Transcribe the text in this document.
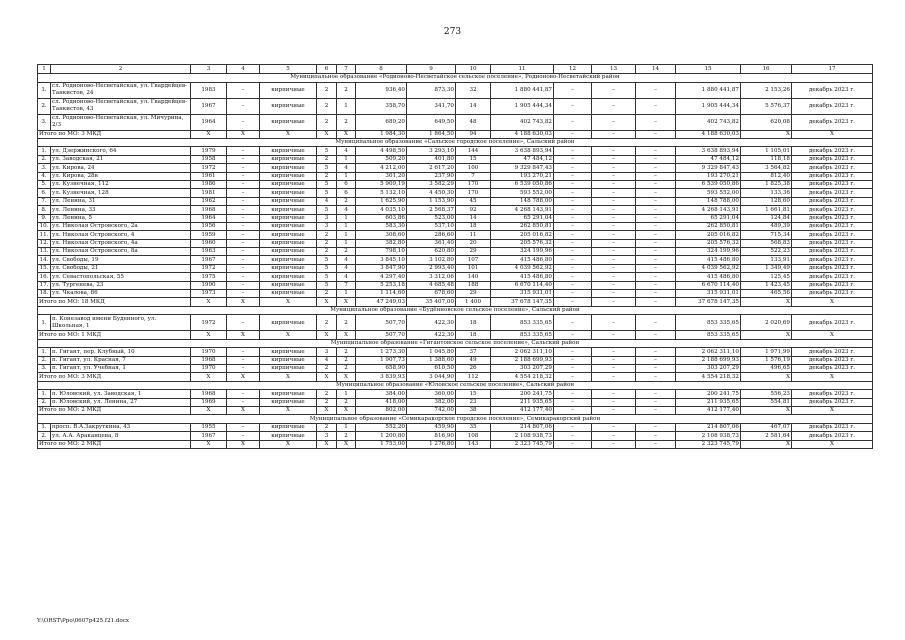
273
1	2	3	4	5	6	7	8	9	10	11	12	13	14	15	16	17
Муниципальное образование «Родионово-Несветайское сельское поселение», Родионово-Несветайский район																
1.	сл. Родионово-Несветайская, ул. Гвардейцев-Танкистов, 24	1983	–	кирпичные	2	2	936,40	873,30	32	1 880 441,87	–	–	–	1 880 441,87	2 153,26	декабрь 2023 г.
2.	сл. Родионово-Несветайская, ул. Гвардейцев-Танкистов, 43	1967	–	кирпичные	2	1	358,70	341,70	14	1 905 444,34	–	–	–	1 905 444,34	5 576,37	декабрь 2023 г.
3.	сл. Родионово-Несветайская, ул. Мичурина, 2/3	1964	–	кирпичные	2	2	689,20	649,50	48	402 743,82	–	–	–	402 743,82	620,08	декабрь 2023 г.
Итого по МО: 3 МКД		X	X	X	X	X	1 984,30	1 864,50	94	4 188 630,03	–	–	–	4 188 630,03	X	X
Муниципальное образование «Сальское городское поселение», Сальский район																
1.	ул. Дзержинского, 64	1979	–	кирпичные	5	4	4 498,50	3 293,10	144	3 638 893,94	–	–	–	3 638 893,94	1 105,01	декабрь 2023 г.
2.	ул. Заводская, 21	1958	–	кирпичные	2	1	509,20	401,80	15	47 484,12	–	–	–	47 484,12	118,18	декабрь 2023 г.
3.	ул. Кирова, 24	1972	–	кирпичные	5	4	4 212,00	2 617,20	100	9 329 847,43	–	–	–	9 329 847,43	3 564,82	декабрь 2023 г.
4.	ул. Кирова, 28в	1961	–	кирпичные	2	1	301,20	237,90	7	193 270,21	–	–	–	193 270,21	812,40	декабрь 2023 г.
5.	ул. Кузнечная, 112	1986	–	кирпичные	5	6	5 909,19	3 582,29	170	6 539 050,86	–	–	–	6 539 050,86	1 825,38	декабрь 2023 г.
6.	ул. Кузнечная, 128	1981	–	кирпичные	5	6	5 132,10	4 450,30	170	593 552,00	–	–	–	593 552,00	133,36	декабрь 2023 г.
7.	ул. Ленина, 31	1962	–	кирпичные	4	2	1 625,90	1 153,90	45	148 788,00	–	–	–	148 788,00	128,60	декабрь 2023 г.
8.	ул. Ленина, 33	1968	–	кирпичные	5	4	4 035,10	2 568,37	92	4 268 143,91	–	–	–	4 268 143,91	1 661,81	декабрь 2023 г.
9.	ул. Ленина, 5	1964	–	кирпичные	3	1	603,86	523,00	14	65 291,04	–	–	–	65 291,04	124,84	декабрь 2023 г.
10.	ул. Николая Островского, 2а	1956	–	кирпичные	3	1	583,30	537,10	18	262 850,81	–	–	–	262 850,81	489,39	декабрь 2023 г.
11.	ул. Николая Островского, 4	1959	–	кирпичные	2	1	308,60	286,60	11	205 016,82	–	–	–	205 016,82	715,34	декабрь 2023 г.
12.	ул. Николая Островского, 4а	1960	–	кирпичные	2	1	382,80	361,40	20	205 576,32	–	–	–	205 576,32	568,83	декабрь 2023 г.
13.	ул. Николая Островского, 8а	1963	–	кирпичные	2	2	798,10	620,80	29	324 199,96	–	–	–	324 199,96	522,23	декабрь 2023 г.
14.	ул. Свободы, 19	1967	–	кирпичные	5	4	3 845,10	3 102,80	107	415 486,80	–	–	–	415 486,80	133,91	декабрь 2023 г.
15.	ул. Свободы, 21	1972	–	кирпичные	5	4	3 847,90	2 993,40	101	4 039 562,92	–	–	–	4 039 562,92	1 349,49	декабрь 2023 г.
16.	ул. Севастопольская, 55	1975	–	кирпичные	5	4	4 297,40	3 312,06	140	415 486,80	–	–	–	415 486,80	125,45	декабрь 2023 г.
17.	ул. Тургенева, 23	1990	–	кирпичные	5	7	5 253,18	4 685,48	188	6 670 114,40	–	–	–	6 670 114,40	1 423,45	декабрь 2023 г.
18.	ул. Чкалова, 86	1973	–	кирпичные	2	1	1 114,60	678,60	29	315 931,01	–	–	–	315 931,01	465,56	декабрь 2023 г.
Итого по МО: 18 МКД		X	X	X	X	X	47 249,03	35 407,00	1 400	37 678 147,35	–	–	–	37 678 147,35	X	X
Муниципальное образование «Будённовское сельское поселение», Сальский район																
1.	п. Конезавод имени Буденного, ул. Школьная, 1	1972	–	кирпичные	2	2	507,70	422,30	18	853 335,65	–	–	–	853 335,65	2 020,69	декабрь 2023 г.
Итого по МО: 1 МКД		X	X	X	X	X	507,70	422,30	18	853 335,65	–	–	–	853 335,65	X	X
Муниципальное образование «Гигантовское сельское поселение», Сальский район																
1.	п. Гигант, пер. Клубный, 10	1970	–	кирпичные	3	2	1 273,30	1 045,80	37	2 062 311,10	–	–	–	2 062 311,10	1 971,99	декабрь 2023 г.
2.	п. Гигант, ул. Красная, 7	1968	–	кирпичные	4	2	1 907,73	1 388,60	49	2 188 699,93	–	–	–	2 188 699,93	1 576,19	декабрь 2023 г.
3.	п. Гигант, ул. Учебная, 1	1970	–	кирпичные	2	2	658,90	610,50	26	303 207,29	–	–	–	303 207,29	496,65	декабрь 2023 г.
Итого по МО: 3 МКД		X	X	X	X	X	3 839,93	3 044,90	112	4 554 218,32	–	–	–	4 554 218,32	X	X
Муниципальное образование «Юловское сельское поселение», Сальский район																
1.	п. Юловский, ул. Заводская, 1	1968	–	кирпичные	2	1	384,00	360,00	15	200 241,75	–	–	–	200 241,75	556,23	декабрь 2023 г.
2.	п. Юловский, ул. Ленина, 27	1969	–	кирпичные	2	2	418,00	382,00	23	211 935,65	–	–	–	211 935,65	554,81	декабрь 2023 г.
Итого по МО: 2 МКД		X	X	X	X	X	802,00	742,00	38	412 177,40	–	–	–	412 177,40	X	X
Муниципальное образование «Семикаракорское городское поселение», Семикаракорский район																
1.	просп. В.А.Закруткина, 43	1955	–	кирпичные	2	1	552,20	459,90	35	214 807,06	–	–	–	214 807,06	467,07	декабрь 2023 г.
2.	ул. А.А. Араканцева, 8	1967	–	кирпичные	3	2	1 200,80	816,90	108	2 108 938,73	–	–	–	2 108 938,73	2 581,64	декабрь 2023 г.
Итого по МО: 2 МКД		X	X	X	X	X	1 753,00	1 276,80	143	2 323 745,79	–	–	–	2 323 745,79	X	X
Y:\ORST\Ppo\0607p425.f21.docx
